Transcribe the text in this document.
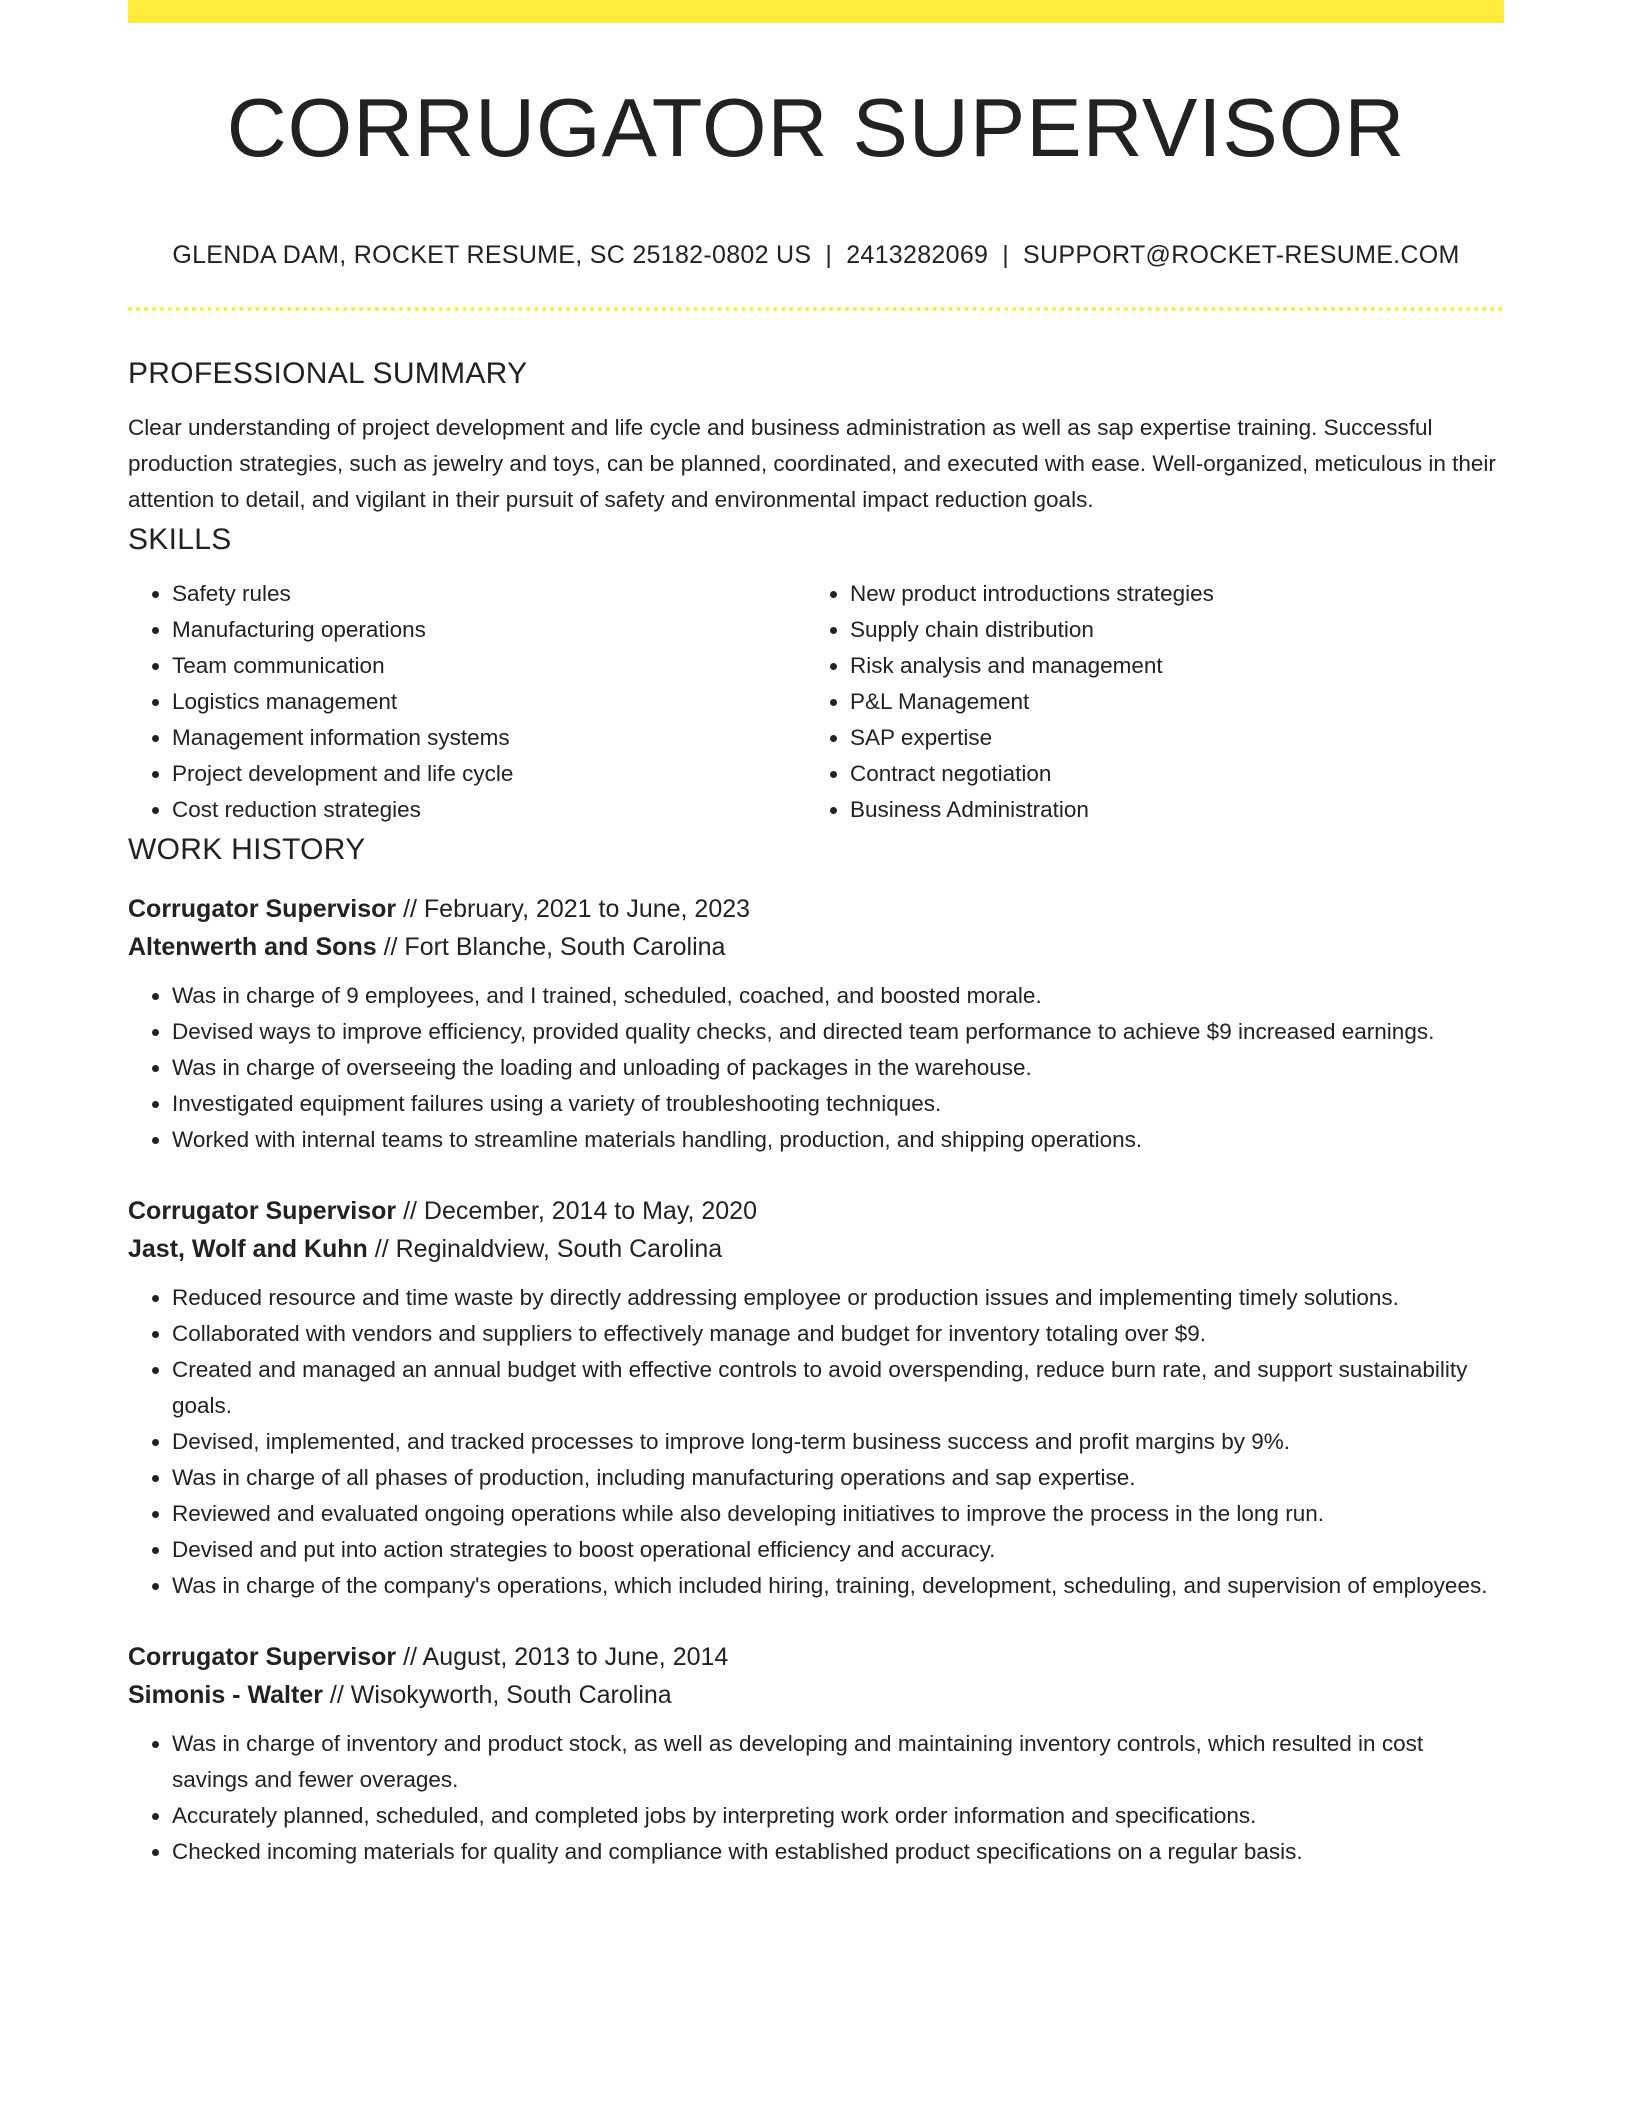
CORRUGATOR SUPERVISOR
GLENDA DAM, ROCKET RESUME, SC 25182-0802 US | 2413282069 | SUPPORT@ROCKET-RESUME.COM
PROFESSIONAL SUMMARY

Clear understanding of project development and life cycle and business administration as well as sap expertise training. Successful production strategies, such as jewelry and toys, can be planned, coordinated, and executed with ease. Well-organized, meticulous in their attention to detail, and vigilant in their pursuit of safety and environmental impact reduction goals.

SKILLS
• Safety rules
• Manufacturing operations
• Team communication
• Logistics management
• Management information systems
• Project development and life cycle
• Cost reduction strategies
• New product introductions strategies
• Supply chain distribution
• Risk analysis and management
• P&L Management
• SAP expertise
• Contract negotiation
• Business Administration
WORK HISTORY
Corrugator Supervisor // February, 2021 to June, 2023
Altenwerth and Sons // Fort Blanche, South Carolina
• Was in charge of 9 employees, and I trained, scheduled, coached, and boosted morale.
• Devised ways to improve efficiency, provided quality checks, and directed team performance to achieve $9 increased earnings.
• Was in charge of overseeing the loading and unloading of packages in the warehouse.
• Investigated equipment failures using a variety of troubleshooting techniques.
• Worked with internal teams to streamline materials handling, production, and shipping operations.
Corrugator Supervisor // December, 2014 to May, 2020
Jast, Wolf and Kuhn // Reginaldview, South Carolina
• Reduced resource and time waste by directly addressing employee or production issues and implementing timely solutions.
• Collaborated with vendors and suppliers to effectively manage and budget for inventory totaling over $9.
• Created and managed an annual budget with effective controls to avoid overspending, reduce burn rate, and support sustainability goals.
• Devised, implemented, and tracked processes to improve long-term business success and profit margins by 9%.
• Was in charge of all phases of production, including manufacturing operations and sap expertise.
• Reviewed and evaluated ongoing operations while also developing initiatives to improve the process in the long run.
• Devised and put into action strategies to boost operational efficiency and accuracy.
• Was in charge of the company's operations, which included hiring, training, development, scheduling, and supervision of employees.
Corrugator Supervisor // August, 2013 to June, 2014
Simonis - Walter // Wisokyworth, South Carolina
• Was in charge of inventory and product stock, as well as developing and maintaining inventory controls, which resulted in cost savings and fewer overages.
• Accurately planned, scheduled, and completed jobs by interpreting work order information and specifications.
• Checked incoming materials for quality and compliance with established product specifications on a regular basis.
